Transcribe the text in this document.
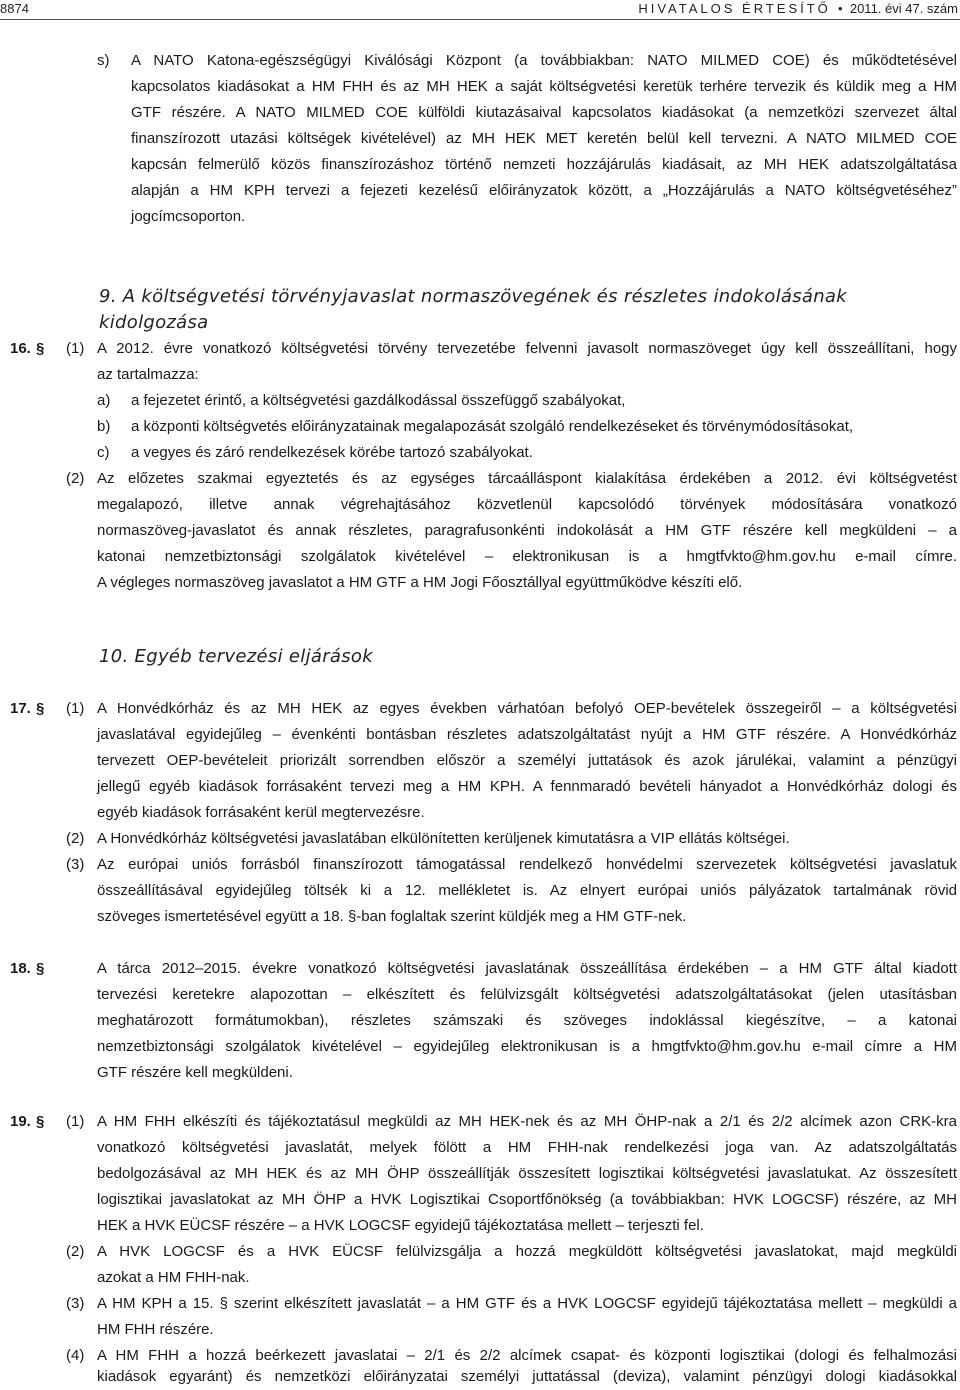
8874	HIVATALOS ÉRTESÍTŐ • 2011. évi 47. szám
s) A NATO Katona-egészségügyi Kiválósági Központ (a továbbiakban: NATO MILMED COE) és működtetésével
kapcsolatos kiadásokat a HM FHH és az MH HEK a saját költségvetési keretük terhére tervezik és küldik meg a HM
GTF részére. A NATO MILMED COE külföldi kiutazásaival kapcsolatos kiadásokat (a nemzetközi szervezet által
finanszírozott utazási költségek kivételével) az MH HEK MET keretén belül kell tervezni. A NATO MILMED COE
kapcsán felmerülő közös finanszírozáshoz történő nemzeti hozzájárulás kiadásait, az MH HEK adatszolgáltatása
alapján a HM KPH tervezi a fejezeti kezelésű előirányzatok között, a „Hozzájárulás a NATO költségvetéséhez”
jogcímcsoporton.
9. A költségvetési törvényjavaslat normaszövegének és részletes indokolásának kidolgozása
16. § (1) A 2012. évre vonatkozó költségvetési törvény tervezetébe felvenni javasolt normaszöveget úgy kell összeállítani, hogy
az tartalmazza:
a) a fejezetet érintő, a költségvetési gazdálkodással összefüggő szabályokat,
b) a központi költségvetés előirányzatainak megalapozását szolgáló rendelkezéseket és törvénymódosításokat,
c) a vegyes és záró rendelkezések körébe tartozó szabályokat.
(2) Az előzetes szakmai egyeztetés és az egységes tárcaálláspont kialakítása érdekében a 2012. évi költségvetést
megalapozó, illetve annak végrehajtásához közvetlenül kapcsolódó törvények módosítására vonatkozó
normaszöveg-javaslatot és annak részletes, paragrafusonkénti indokolását a HM GTF részére kell megküldeni – a
katonai nemzetbiztonsági szolgálatok kivételével – elektronikusan is a hmgtfvkto@hm.gov.hu e-mail címre.
A végleges normaszöveg javaslatot a HM GTF a HM Jogi Főosztállyal együttműködve készíti elő.
10. Egyéb tervezési eljárások
17. § (1) A Honvédkórház és az MH HEK az egyes években várhatóan befolyó OEP-bevételek összegeiről – a költségvetési
javaslatával egyidejűleg – évenkénti bontásban részletes adatszolgáltatást nyújt a HM GTF részére. A Honvédkórház
tervezett OEP-bevételeit priorizált sorrendben először a személyi juttatások és azok járulékai, valamint a pénzügyi
jellegű egyéb kiadások forrásaként tervezi meg a HM KPH. A fennmaradó bevételi hányadot a Honvédkórház dologi és
egyéb kiadások forrásaként kerül megtervezésre.
(2) A Honvédkórház költségvetési javaslatában elkülönítetten kerüljenek kimutatásra a VIP ellátás költségei.
(3) Az európai uniós forrásból finanszírozott támogatással rendelkező honvédelmi szervezetek költségvetési javaslatuk
összeállításával egyidejűleg töltsék ki a 12. mellékletet is. Az elnyert európai uniós pályázatok tartalmának rövid
szöveges ismertetésével együtt a 18. §-ban foglaltak szerint küldjék meg a HM GTF-nek.
18. §	A tárca 2012–2015. évekre vonatkozó költségvetési javaslatának összeállítása érdekében – a HM GTF által kiadott
tervezési keretekre alapozottan – elkészített és felülvizsgált költségvetési adatszolgáltatásokat (jelen utasításban
meghatározott formátumokban), részletes számszaki és szöveges indoklással kiegészítve, – a katonai
nemzetbiztonsági szolgálatok kivételével – egyidejűleg elektronikusan is a hmgtfvkto@hm.gov.hu e-mail címre a HM
GTF részére kell megküldeni.
19. § (1) A HM FHH elkészíti és tájékoztatásul megküldi az MH HEK-nek és az MH ÖHP-nak a 2/1 és 2/2 alcímek azon CRK-kra
vonatkozó költségvetési javaslatát, melyek fölött a HM FHH-nak rendelkezési joga van. Az adatszolgáltatás
bedolgozásával az MH HEK és az MH ÖHP összeállítják összesített logisztikai költségvetési javaslatukat. Az összesített
logisztikai javaslatokat az MH ÖHP a HVK Logisztikai Csoportfőnökség (a továbbiakban: HVK LOGCSF) részére, az MH
HEK a HVK EÜCSF részére – a HVK LOGCSF egyidejű tájékoztatása mellett – terjeszti fel.
(2) A HVK LOGCSF és a HVK EÜCSF felülvizsgálja a hozzá megküldött költségvetési javaslatokat, majd megküldi
azokat a HM FHH-nak.
(3) A HM KPH a 15. § szerint elkészített javaslatát – a HM GTF és a HVK LOGCSF egyidejű tájékoztatása mellett – megküldi a
HM FHH részére.
(4) A HM FHH a hozzá beérkezett javaslatai – 2/1 és 2/2 alcímek csapat- és központi logisztikai (dologi és felhalmozási
kiadások egyaránt) és nemzetközi előirányzatai személyi juttatással (deviza), valamint pénzügyi dologi kiadásokkal
